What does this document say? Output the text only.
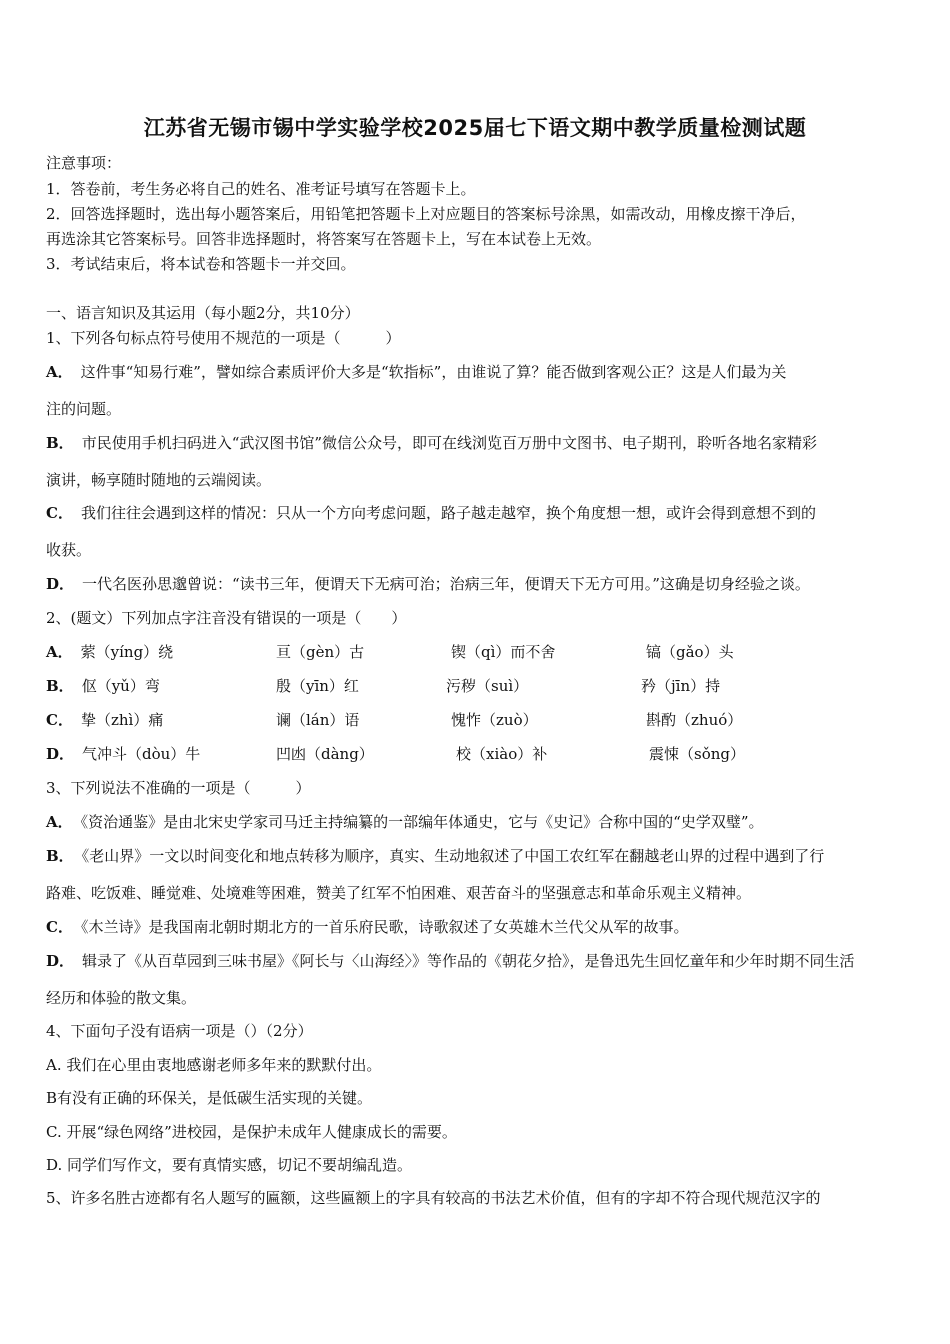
江苏省无锡市锡中学实验学校2025届七下语文期中教学质量检测试题
注意事项：
1．答卷前，考生务必将自己的姓名、准考证号填写在答题卡上。
2．回答选择题时，选出每小题答案后，用铅笔把答题卡上对应题目的答案标号涂黑，如需改动，用橡皮擦干净后，
再选涂其它答案标号。回答非选择题时，将答案写在答题卡上，写在本试卷上无效。
3．考试结束后，将本试卷和答题卡一并交回。
一、语言知识及其运用（每小题2分，共10分）
1、下列各句标点符号使用不规范的一项是（　　　）
A． 这件事“知易行难”，譬如综合素质评价大多是“软指标”，由谁说了算？能否做到客观公正？这是人们最为关
注的问题。
B． 市民使用手机扫码进入“武汉图书馆”微信公众号，即可在线浏览百万册中文图书、电子期刊，聆听各地名家精彩
演讲，畅享随时随地的云端阅读。
C． 我们往往会遇到这样的情况：只从一个方向考虑问题，路子越走越窄，换个角度想一想，或许会得到意想不到的
收获。
D． 一代名医孙思邈曾说：“读书三年，便谓天下无病可治；治病三年，便谓天下无方可用。”这确是切身经验之谈。
2、(题文）下列加点字注音没有错误的一项是（　　）
A． 萦（yíng）绕	亘（gèn）古	锲（qì）而不舍	镐（gǎo）头
B． 伛（yǔ）弯	殷（yīn）红	污秽（suì）	矜（jīn）持
C． 挚（zhì）痛	谰（lán）语	愧怍（zuò）	斟酌（zhuó）
D． 气冲斗（dòu）牛	凹凼（dàng）	校（xiào）补	震悚（sǒng）
3、下列说法不准确的一项是（　　　）
A． 《资治通鉴》是由北宋史学家司马迁主持编纂的一部编年体通史，它与《史记》合称中国的“史学双璧”。
B． 《老山界》一文以时间变化和地点转移为顺序，真实、生动地叙述了中国工农红军在翻越老山界的过程中遇到了行
路难、吃饭难、睡觉难、处境难等困难，赞美了红军不怕困难、艰苦奋斗的坚强意志和革命乐观主义精神。
C． 《木兰诗》是我国南北朝时期北方的一首乐府民歌，诗歌叙述了女英雄木兰代父从军的故事。
D． 辑录了《从百草园到三味书屋》《阿长与〈山海经〉》等作品的《朝花夕拾》，是鲁迅先生回忆童年和少年时期不同生活
经历和体验的散文集。
4、下面句子没有语病一项是（）（2分）
A. 我们在心里由衷地感谢老师多年来的默默付出。
B有没有正确的环保关，是低碳生活实现的关键。
C. 开展“绿色网络”进校园，是保护未成年人健康成长的需要。
D. 同学们写作文，要有真情实感，切记不要胡编乱造。
5、许多名胜古迹都有名人题写的匾额，这些匾额上的字具有较高的书法艺术价值，但有的字却不符合现代规范汉字的
